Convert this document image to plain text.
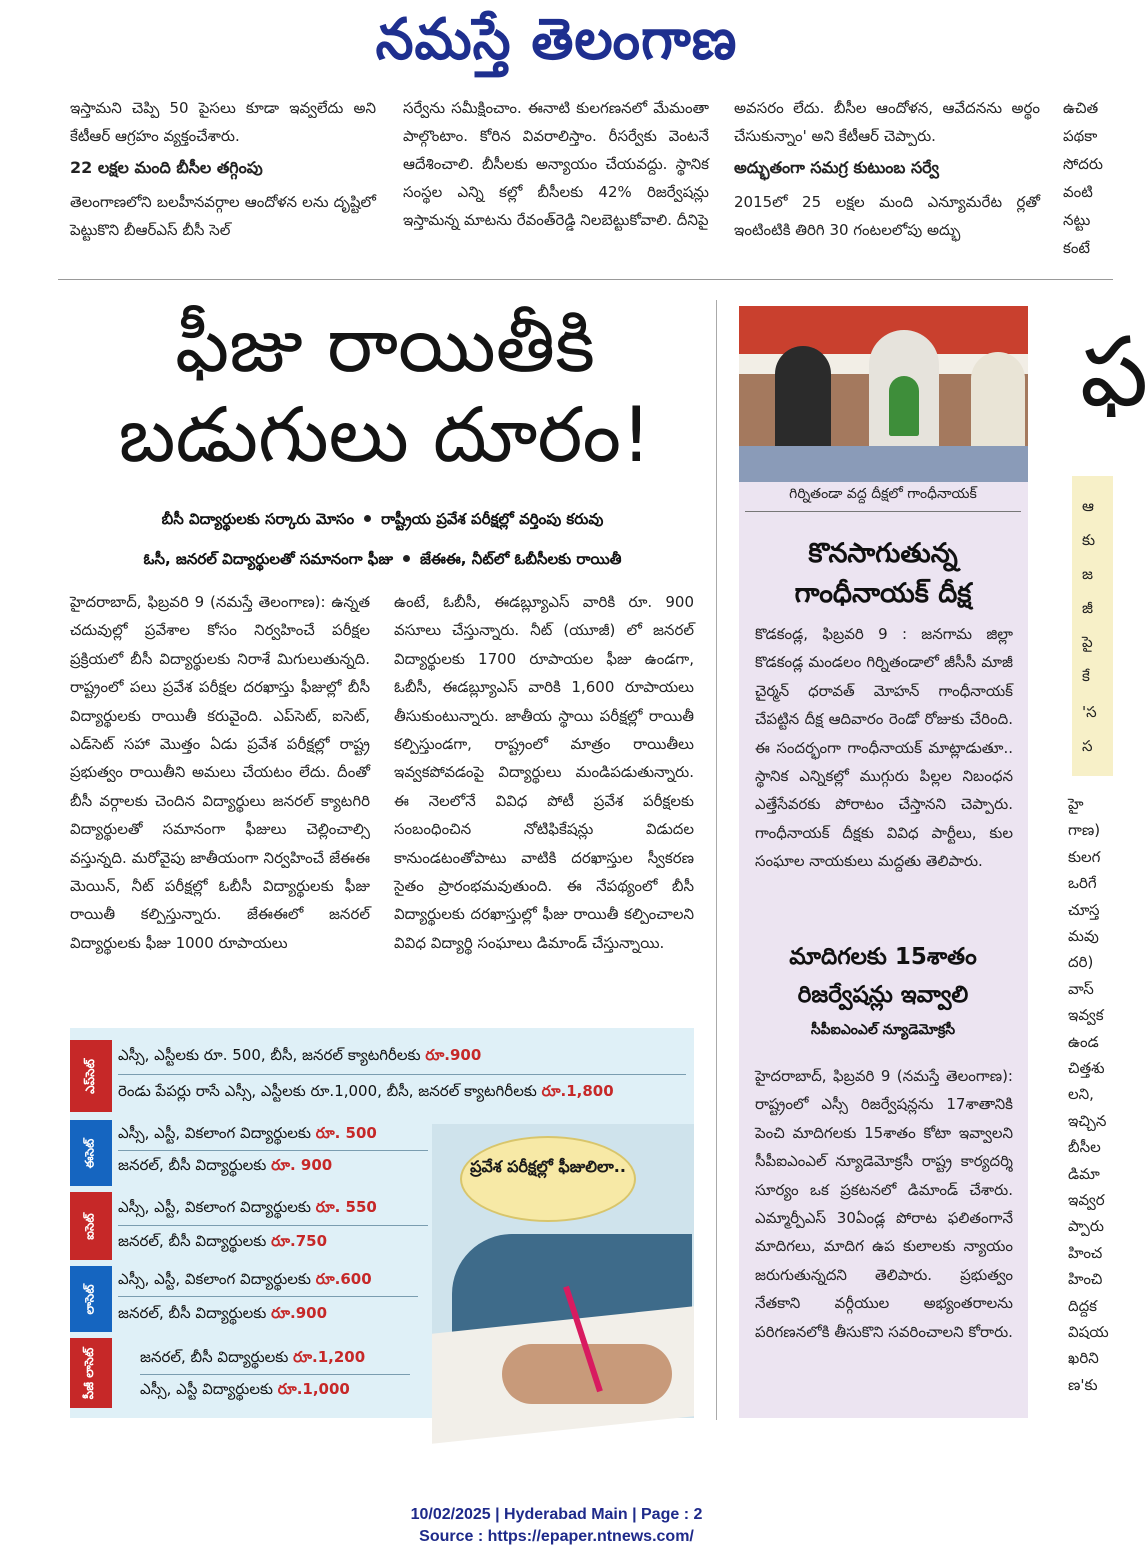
నమస్తే తెలంగాణ

ఇస్తామని చెప్పి 50 పైసలు కూడా ఇవ్వలేదు అని కేటీఆర్ ఆగ్రహం వ్యక్తంచేశారు.

22 లక్షల మంది బీసీల తగ్గింపు

తెలంగాణలోని బలహీనవర్గాల ఆందోళన లను దృష్టిలో పెట్టుకొని బీఆర్ఎస్ బీసీ సెల్

సర్వేను సమీక్షించాం. ఈనాటి కులగణనలో మేమంతా పాల్గొంటాం. కోరిన వివరాలిస్తాం. రీసర్వేకు వెంటనే ఆదేశించాలి. బీసీలకు అన్యాయం చేయవద్దు. స్థానిక సంస్థల ఎన్ని కల్లో బీసీలకు 42% రిజర్వేషన్లు ఇస్తామన్న మాటను రేవంత్‌రెడ్డి నిలబెట్టుకోవాలి. దీనిపై

అవసరం లేదు. బీసీల ఆందోళన, ఆవేదనను అర్థం చేసుకున్నాం' అని కేటీఆర్ చెప్పారు.

అద్భుతంగా సమగ్ర కుటుంబ సర్వే

2015లో 25 లక్షల మంది ఎన్యూమరేట ర్లతో ఇంటింటికి తిరిగి 30 గంటలలోపు అద్భు

ఉచిత పథకా సోదరు వంటి నట్టు కంటే

ఫీజు రాయితీకి
బడుగులు దూరం!
బీసీ విద్యార్థులకు సర్కారు మోసం రాష్ట్రీయ ప్రవేశ పరీక్షల్లో వర్తింపు కరువు
ఓసీ, జనరల్ విద్యార్థులతో సమానంగా ఫీజు జేఈఈ, నీట్‌లో ఓబీసీలకు రాయితీ
హైదరాబాద్, ఫిబ్రవరి 9 (నమస్తే తెలంగాణ): ఉన్నత చదువుల్లో ప్రవేశాల కోసం నిర్వహించే పరీక్షల ప్రక్రియలో బీసీ విద్యార్థులకు నిరాశే మిగులుతున్నది. రాష్ట్రంలో పలు ప్రవేశ పరీక్షల దరఖాస్తు ఫీజుల్లో బీసీ విద్యార్థులకు రాయితీ కరువైంది. ఎప్‌సెట్, ఐసెట్, ఎడ్‌సెట్ సహా మొత్తం ఏడు ప్రవేశ పరీక్షల్లో రాష్ట్ర ప్రభుత్వం రాయితీని అమలు చేయటం లేదు. దీంతో బీసీ వర్గాలకు చెందిన విద్యార్థులు జనరల్ క్యాటగిరి విద్యార్థులతో సమానంగా ఫీజులు చెల్లించాల్సి వస్తున్నది. మరోవైపు జాతీయంగా నిర్వహించే జేఈఈ మెయిన్, నీట్ పరీక్షల్లో ఓబీసీ విద్యార్థులకు ఫీజు రాయితీ కల్పిస్తున్నారు. జేఈఈలో జనరల్ విద్యార్థులకు ఫీజు 1000 రూపాయలు
ఉంటే, ఓబీసీ, ఈడబ్ల్యూఎస్ వారికి రూ. 900 వసూలు చేస్తున్నారు. నీట్ (యూజీ) లో జనరల్ విద్యార్థులకు 1700 రూపాయల ఫీజు ఉండగా, ఓబీసీ, ఈడబ్ల్యూఎస్ వారికి 1,600 రూపాయలు తీసుకుంటున్నారు. జాతీయ స్థాయి పరీక్షల్లో రాయితీ కల్పిస్తుండగా, రాష్ట్రంలో మాత్రం రాయితీలు ఇవ్వకపోవడంపై విద్యార్థులు మండిపడుతున్నారు. ఈ నెలలోనే వివిధ పోటీ ప్రవేశ పరీక్షలకు సంబంధించిన నోటిఫికేషన్లు విడుదల కానుండటంతోపాటు వాటికి దరఖాస్తుల స్వీకరణ సైతం ప్రారంభమవుతుంది. ఈ నేపథ్యంలో బీసీ విద్యార్థులకు దరఖాస్తుల్లో ఫీజు రాయితీ కల్పించాలని వివిధ విద్యార్థి సంఘాలు డిమాండ్ చేస్తున్నాయి.
ప్రవేశ పరీక్షల్లో ఫీజులిలా..
ఎప్‌సెట్
ఎస్సీ, ఎస్టీలకు రూ. 500, బీసీ, జనరల్ క్యాటగిరీలకు రూ.900
రెండు పేపర్లు రాసే ఎస్సీ, ఎస్టీలకు రూ.1,000, బీసీ, జనరల్ క్యాటగిరీలకు రూ.1,800
ఈసెట్
ఎస్సీ, ఎస్టీ, వికలాంగ విద్యార్థులకు రూ. 500
జనరల్, బీసీ విద్యార్థులకు రూ. 900
ఐసెట్
ఎస్సీ, ఎస్టీ, వికలాంగ విద్యార్థులకు రూ. 550
జనరల్, బీసీ విద్యార్థులకు రూ.750
లాసెట్
ఎస్సీ, ఎస్టీ, వికలాంగ విద్యార్థులకు రూ.600
జనరల్, బీసీ విద్యార్థులకు రూ.900
పీజీ లాసెట్	జనరల్, బీసీ విద్యార్థులకు రూ.1,200
ఎస్సీ, ఎస్టీ విద్యార్థులకు రూ.1,000
గిర్నితండా వద్ద దీక్షలో గాంధీనాయక్
కొనసాగుతున్న
గాంధీనాయక్ దీక్ష
కొడకండ్ల, ఫిబ్రవరి 9 : జనగామ జిల్లా కొడకండ్ల మండలం గిర్నితండాలో జీసీసీ మాజీ చైర్మన్ ధరావత్ మోహన్ గాంధీనాయక్ చేపట్టిన దీక్ష ఆదివారం రెండో రోజుకు చేరింది. ఈ సందర్భంగా గాంధీనాయక్ మాట్లాడుతూ.. స్థానిక ఎన్నికల్లో ముగ్గురు పిల్లల నిబంధన ఎత్తేసేవరకు పోరాటం చేస్తానని చెప్పారు. గాంధీనాయక్ దీక్షకు వివిధ పార్టీలు, కుల సంఘాల నాయకులు మద్దతు తెలిపారు.
మాదిగలకు 15శాతం
రిజర్వేషన్లు ఇవ్వాలి
సీపీఐఎంఎల్ న్యూడెమోక్రసీ
హైదరాబాద్, ఫిబ్రవరి 9 (నమస్తే తెలంగాణ): రాష్ట్రంలో ఎస్సీ రిజర్వేషన్లను 17శాతానికి పెంచి మాదిగలకు 15శాతం కోటా ఇవ్వాలని సీపీఐఎంఎల్ న్యూడెమోక్రసీ రాష్ట్ర కార్యదర్శి సూర్యం ఒక ప్రకటనలో డిమాండ్ చేశారు. ఎమ్మార్పీఎస్ 30ఏండ్ల పోరాట ఫలితంగానే మాదిగలు, మాదిగ ఉప కులాలకు న్యాయం జరుగుతున్నదని తెలిపారు. ప్రభుత్వం నేతకాని వర్గీయుల అభ్యంతరాలను పరిగణనలోకి తీసుకొని సవరించాలని కోరారు.
ఫ
ఆ
కు
జ
జీ
పై
కే
'స
స
హై
గాణ)
కులగ
ఒరిగే
చూస్త
మవు
దరి)
వాస్
ఇవ్వక
ఉండ
చిత్తశు
లని,
ఇచ్చిన
బీసీల
డిమా
ఇవ్వర
ప్పారు
హించ
హించి
దిద్దక
విషయ
ఖరిని
ణ'కు
10/02/2025 | Hyderabad Main | Page : 2
Source : https://epaper.ntnews.com/
